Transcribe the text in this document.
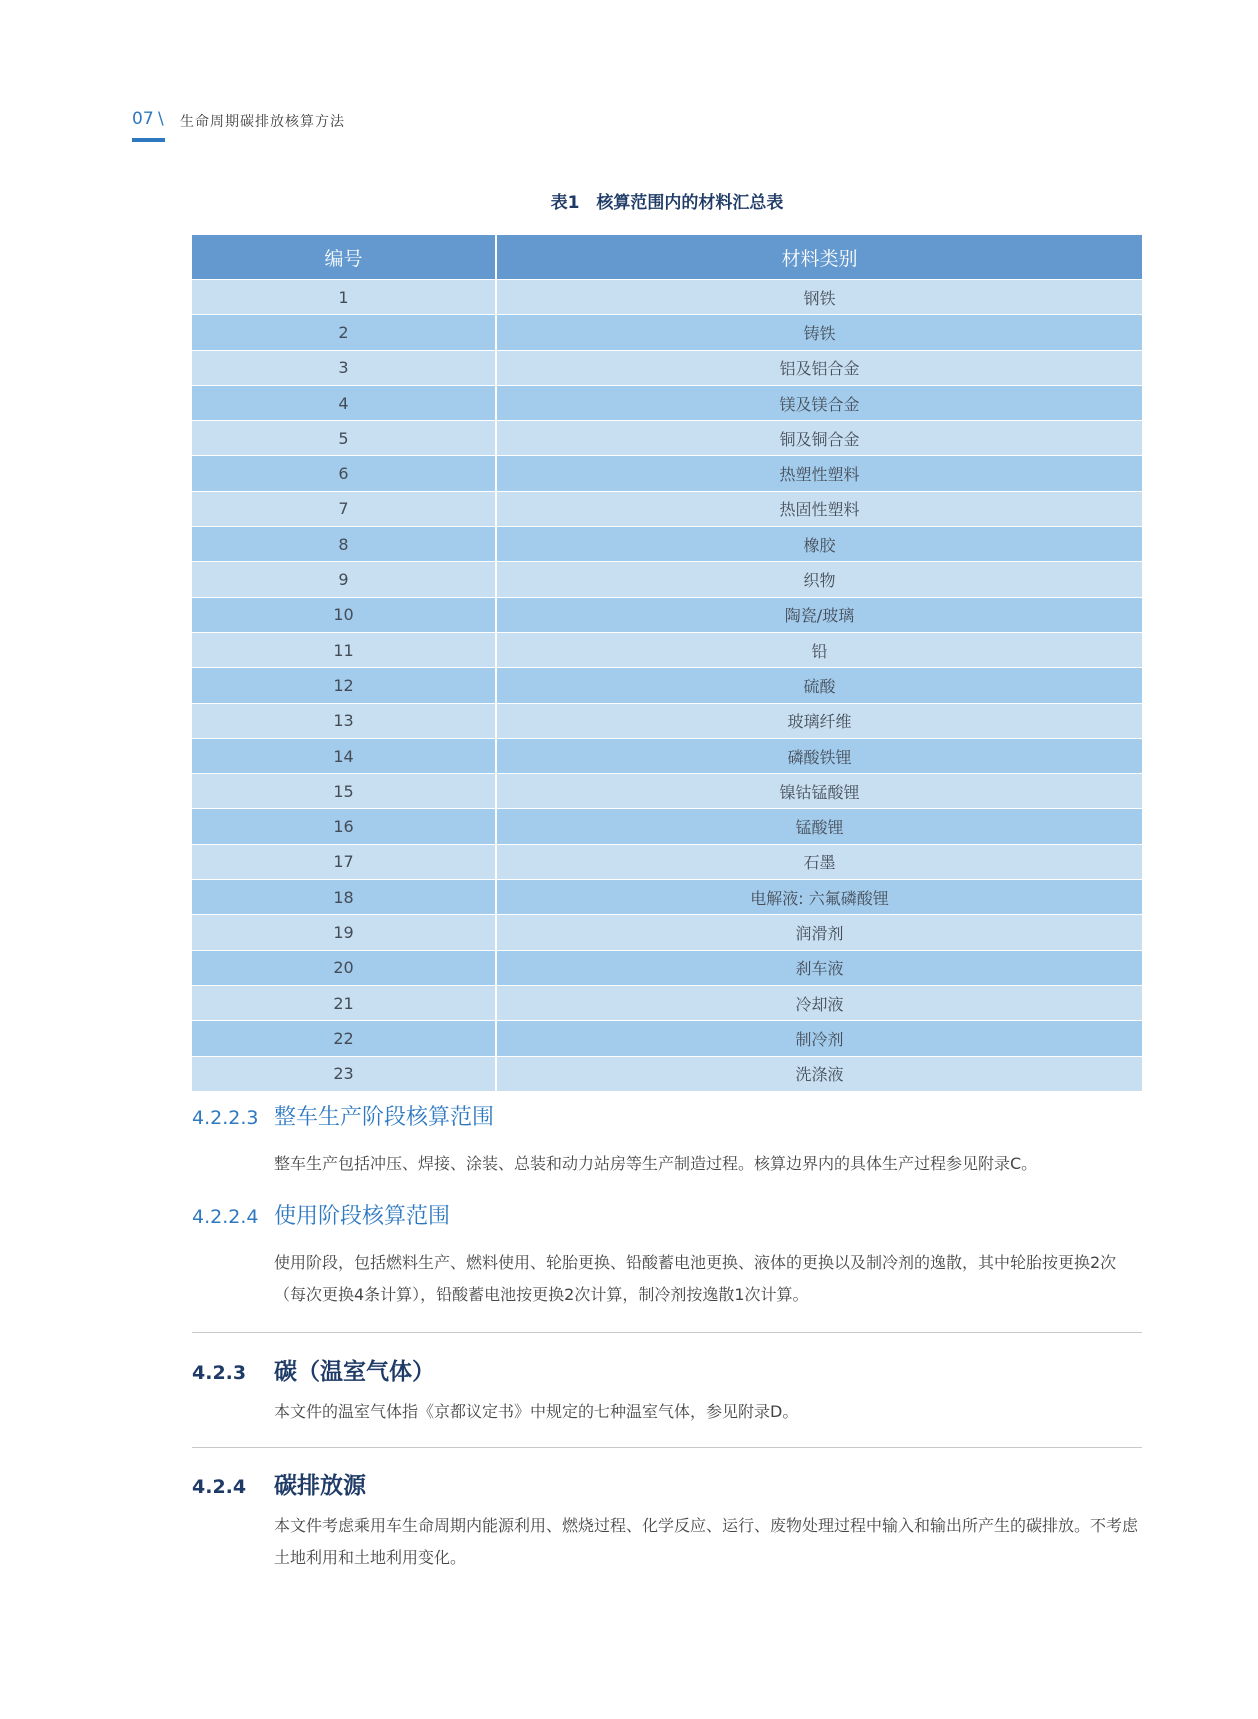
07 \ 生命周期碳排放核算方法
表1　核算范围内的材料汇总表
编号	材料类别
1	钢铁
2	铸铁
3	铝及铝合金
4	镁及镁合金
5	铜及铜合金
6	热塑性塑料
7	热固性塑料
8	橡胶
9	织物
10	陶瓷/玻璃
11	铅
12	硫酸
13	玻璃纤维
14	磷酸铁锂
15	镍钴锰酸锂
16	锰酸锂
17	石墨
18	电解液: 六氟磷酸锂
19	润滑剂
20	刹车液
21	冷却液
22	制冷剂
23	洗涤液
4.2.2.3 整车生产阶段核算范围
整车生产包括冲压、焊接、涂装、总装和动力站房等生产制造过程。核算边界内的具体生产过程参见附录C。
4.2.2.4 使用阶段核算范围
使用阶段，包括燃料生产、燃料使用、轮胎更换、铅酸蓄电池更换、液体的更换以及制冷剂的逸散，其中轮胎按更换2次（每次更换4条计算），铅酸蓄电池按更换2次计算，制冷剂按逸散1次计算。
4.2.3 碳（温室气体）
本文件的温室气体指《京都议定书》中规定的七种温室气体，参见附录D。
4.2.4 碳排放源
本文件考虑乘用车生命周期内能源利用、燃烧过程、化学反应、运行、废物处理过程中输入和输出所产生的碳排放。不考虑土地利用和土地利用变化。
